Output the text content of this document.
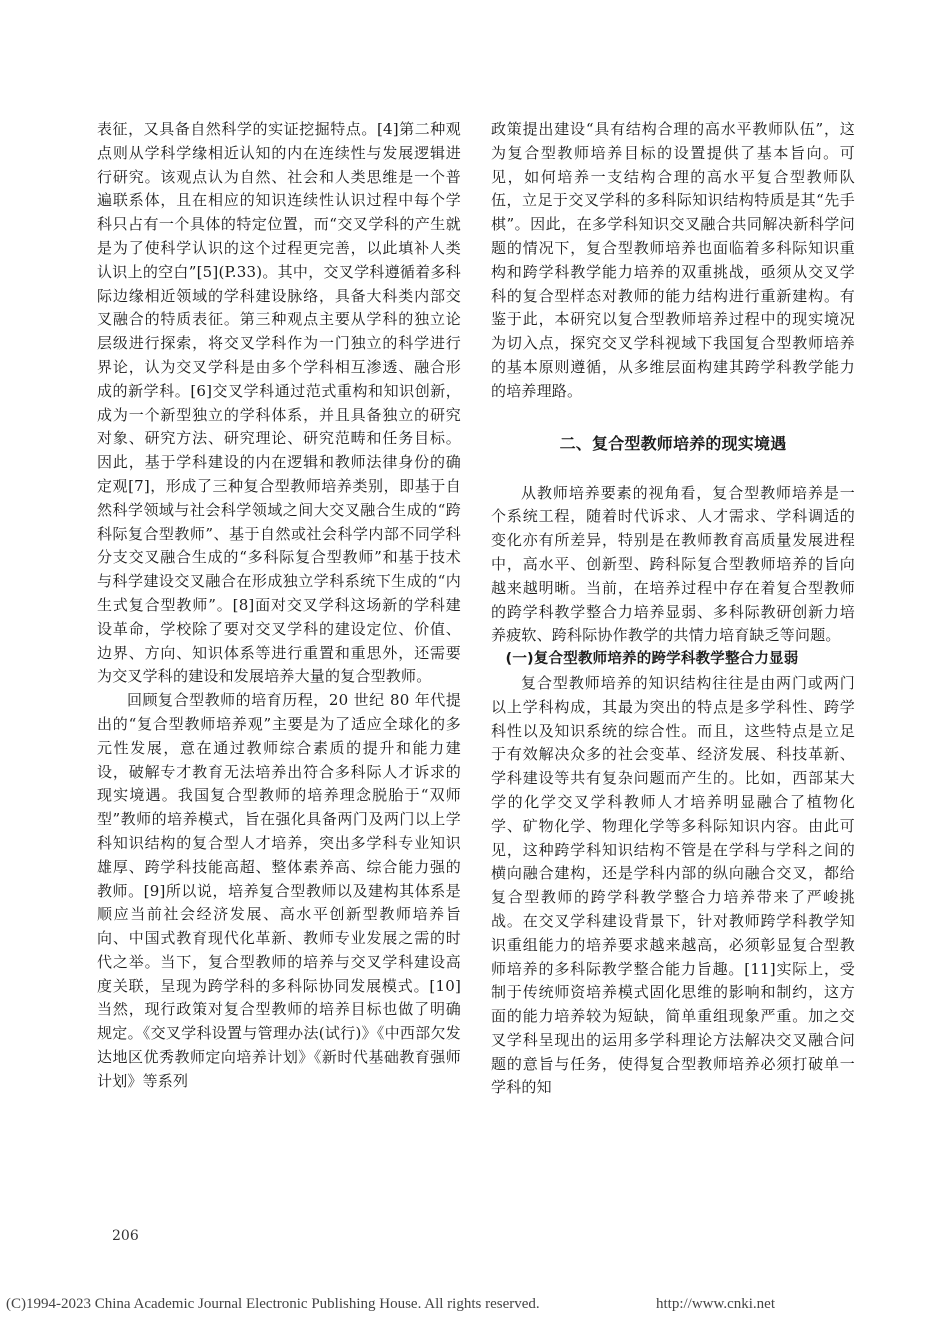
表征，又具备自然科学的实证挖掘特点。[4]第二种观点则从学科学缘相近认知的内在连续性与发展逻辑进行研究。该观点认为自然、社会和人类思维是一个普遍联系体，且在相应的知识连续性认识过程中每个学科只占有一个具体的特定位置，而“交叉学科的产生就是为了使科学认识的这个过程更完善，以此填补人类认识上的空白”[5](P.33)。其中，交叉学科遵循着多科际边缘相近领域的学科建设脉络，具备大科类内部交叉融合的特质表征。第三种观点主要从学科的独立论层级进行探索，将交叉学科作为一门独立的科学进行界论，认为交叉学科是由多个学科相互渗透、融合形成的新学科。[6]交叉学科通过范式重构和知识创新，成为一个新型独立的学科体系，并且具备独立的研究对象、研究方法、研究理论、研究范畴和任务目标。因此，基于学科建设的内在逻辑和教师法律身份的确定观[7]，形成了三种复合型教师培养类别，即基于自然科学领域与社会科学领域之间大交叉融合生成的“跨科际复合型教师”、基于自然或社会科学内部不同学科分支交叉融合生成的“多科际复合型教师”和基于技术与科学建设交叉融合在形成独立学科系统下生成的“内生式复合型教师”。[8]面对交叉学科这场新的学科建设革命，学校除了要对交叉学科的建设定位、价值、边界、方向、知识体系等进行重置和重思外，还需要为交叉学科的建设和发展培养大量的复合型教师。

回顾复合型教师的培育历程，20 世纪 80 年代提出的“复合型教师培养观”主要是为了适应全球化的多元性发展，意在通过教师综合素质的提升和能力建设，破解专才教育无法培养出符合多科际人才诉求的现实境遇。我国复合型教师的培养理念脱胎于“双师型”教师的培养模式，旨在强化具备两门及两门以上学科知识结构的复合型人才培养，突出多学科专业知识雄厚、跨学科技能高超、整体素养高、综合能力强的教师。[9]所以说，培养复合型教师以及建构其体系是顺应当前社会经济发展、高水平创新型教师培养旨向、中国式教育现代化革新、教师专业发展之需的时代之举。当下，复合型教师的培养与交叉学科建设高度关联，呈现为跨学科的多科际协同发展模式。[10]当然，现行政策对复合型教师的培养目标也做了明确规定。《交叉学科设置与管理办法(试行)》《中西部欠发达地区优秀教师定向培养计划》《新时代基础教育强师计划》等系列

政策提出建设“具有结构合理的高水平教师队伍”，这为复合型教师培养目标的设置提供了基本旨向。可见，如何培养一支结构合理的高水平复合型教师队伍，立足于交叉学科的多科际知识结构特质是其“先手棋”。因此，在多学科知识交叉融合共同解决新科学问题的情况下，复合型教师培养也面临着多科际知识重构和跨学科教学能力培养的双重挑战，亟须从交叉学科的复合型样态对教师的能力结构进行重新建构。有鉴于此，本研究以复合型教师培养过程中的现实境况为切入点，探究交叉学科视域下我国复合型教师培养的基本原则遵循，从多维层面构建其跨学科教学能力的培养理路。

二、复合型教师培养的现实境遇

从教师培养要素的视角看，复合型教师培养是一个系统工程，随着时代诉求、人才需求、学科调适的变化亦有所差异，特别是在教师教育高质量发展进程中，高水平、创新型、跨科际复合型教师培养的旨向越来越明晰。当前，在培养过程中存在着复合型教师的跨学科教学整合力培养显弱、多科际教研创新力培养疲软、跨科际协作教学的共情力培育缺乏等问题。

(一)复合型教师培养的跨学科教学整合力显弱

复合型教师培养的知识结构往往是由两门或两门以上学科构成，其最为突出的特点是多学科性、跨学科性以及知识系统的综合性。而且，这些特点是立足于有效解决众多的社会变革、经济发展、科技革新、学科建设等共有复杂问题而产生的。比如，西部某大学的化学交叉学科教师人才培养明显融合了植物化学、矿物化学、物理化学等多科际知识内容。由此可见，这种跨学科知识结构不管是在学科与学科之间的横向融合建构，还是学科内部的纵向融合交叉，都给复合型教师的跨学科教学整合力培养带来了严峻挑战。在交叉学科建设背景下，针对教师跨学科教学知识重组能力的培养要求越来越高，必须彰显复合型教师培养的多科际教学整合能力旨趣。[11]实际上，受制于传统师资培养模式固化思维的影响和制约，这方面的能力培养较为短缺，简单重组现象严重。加之交叉学科呈现出的运用多学科理论方法解决交叉融合问题的意旨与任务，使得复合型教师培养必须打破单一学科的知

206
(C)1994-2023 China Academic Journal Electronic Publishing House. All rights reserved.	http://www.cnki.net
